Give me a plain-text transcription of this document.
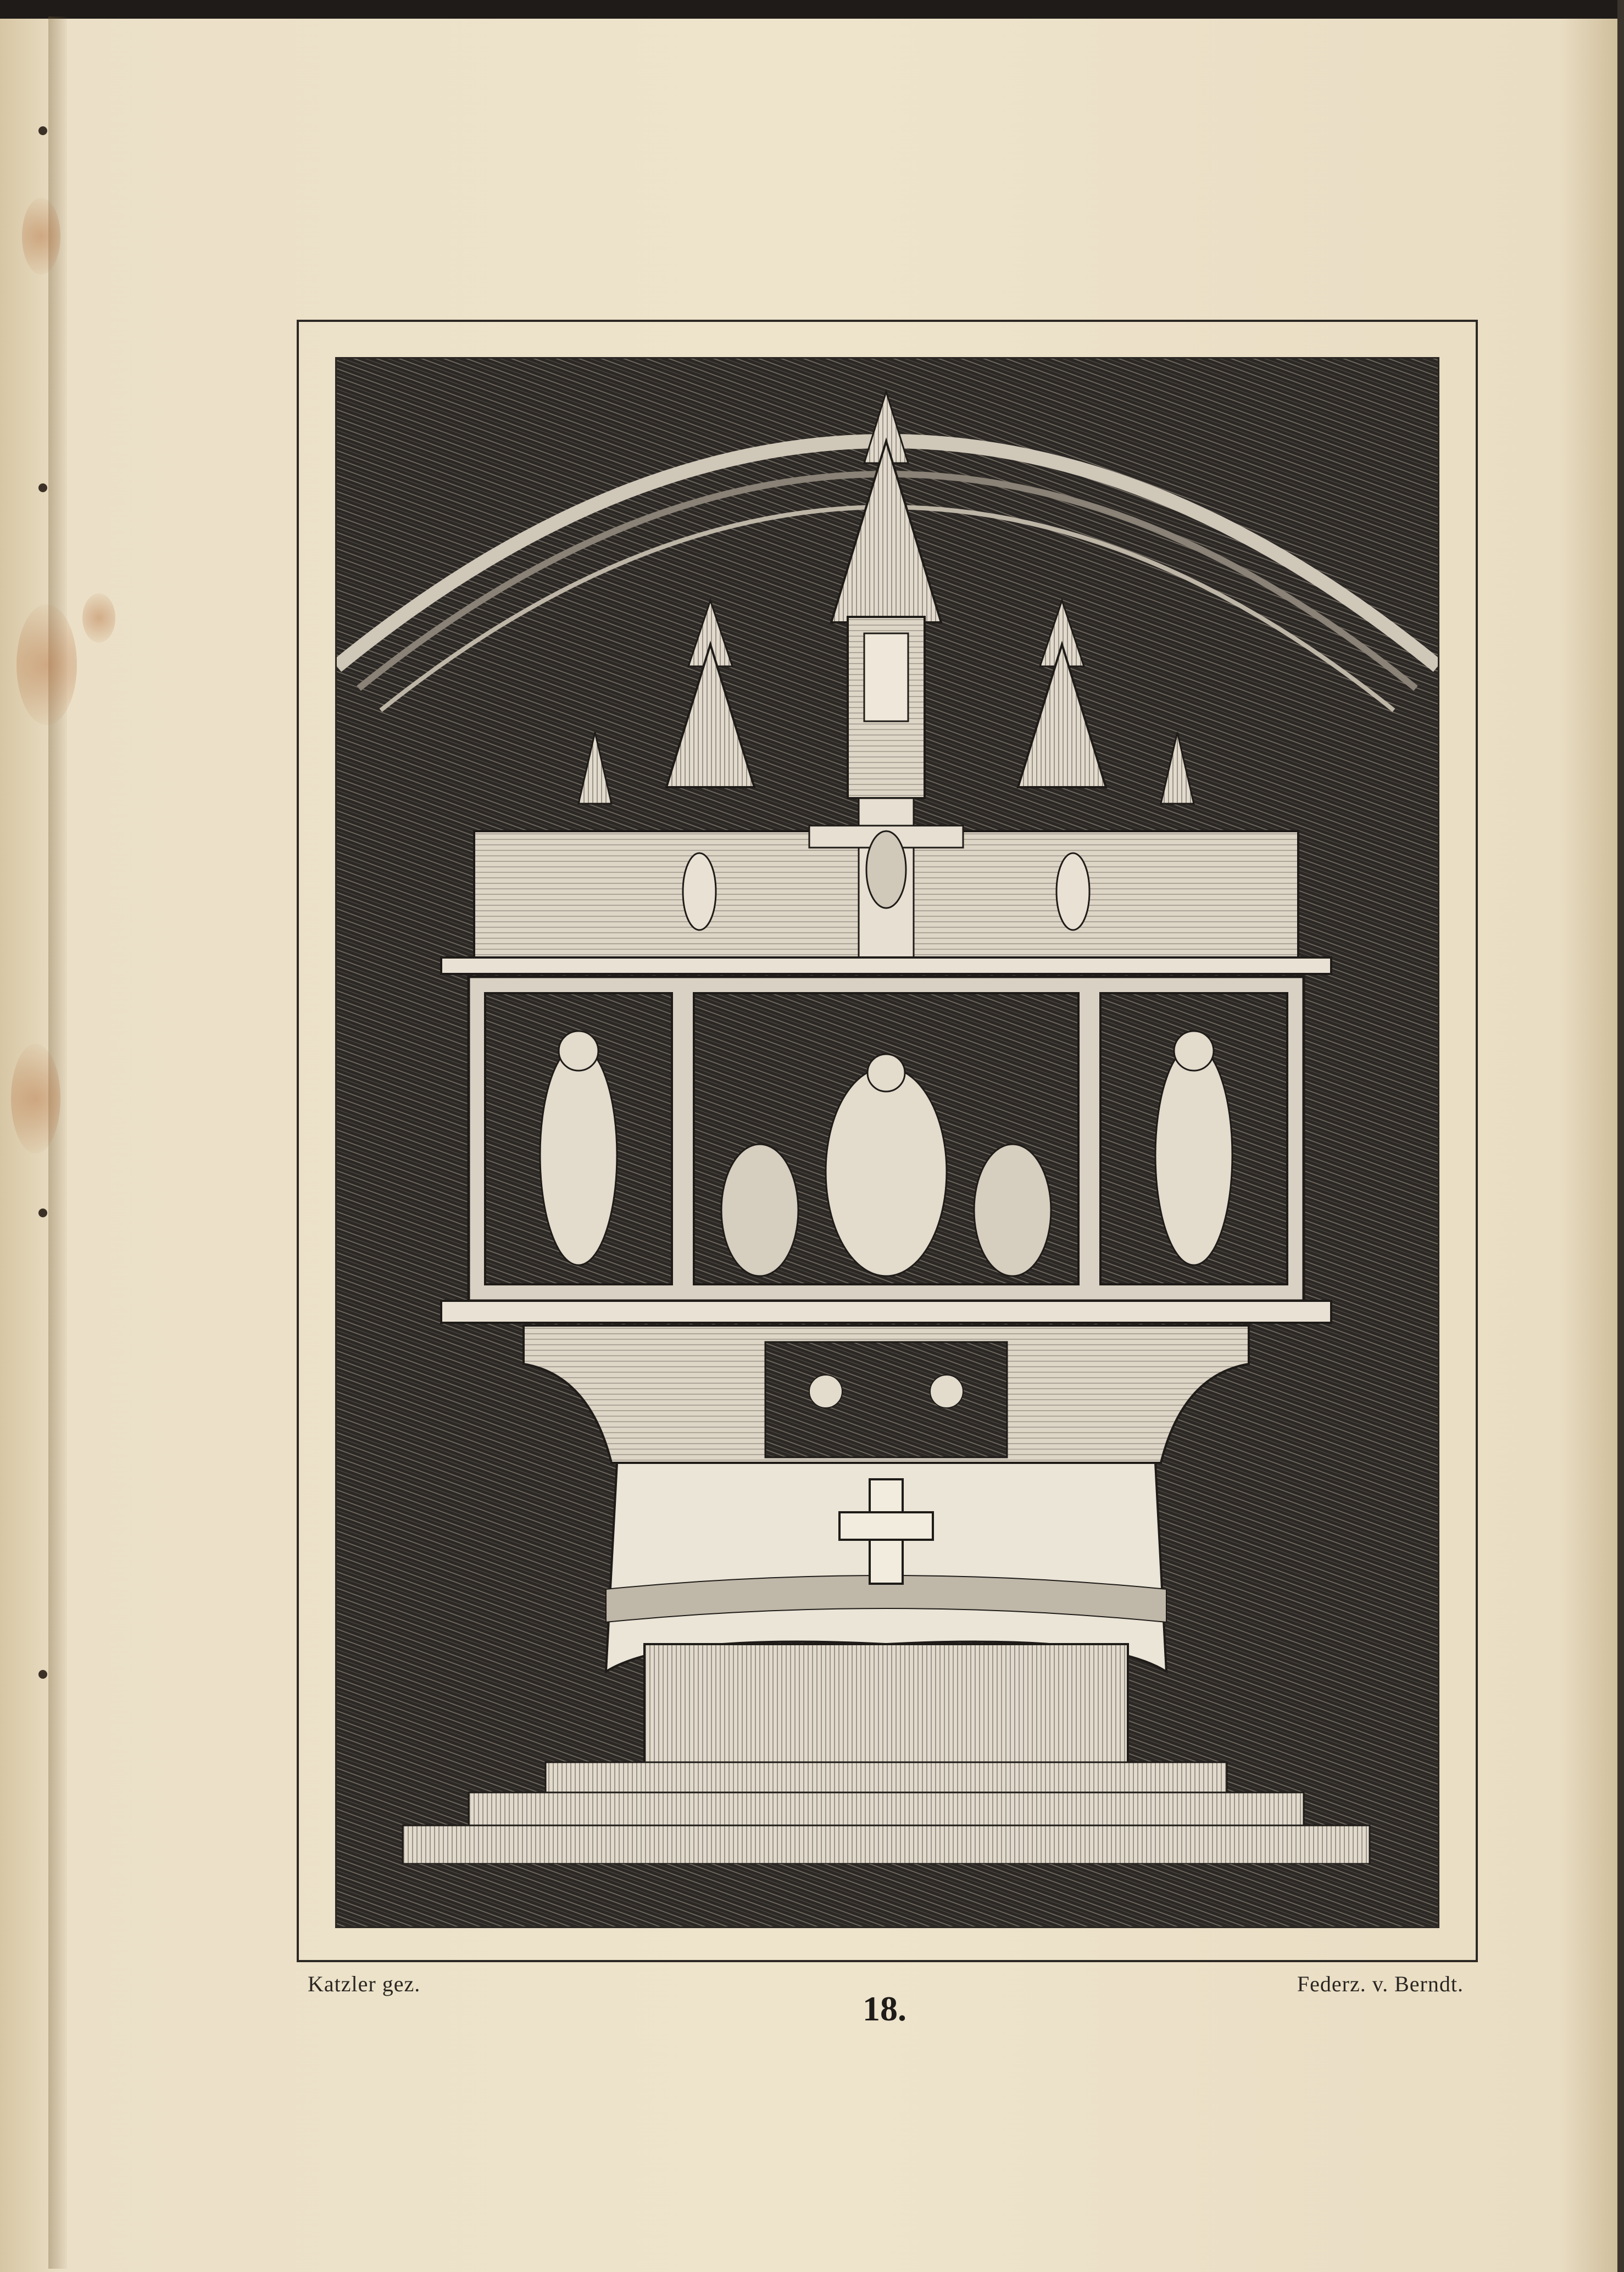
Katzler gez.	Federz. v. Berndt.
18.
